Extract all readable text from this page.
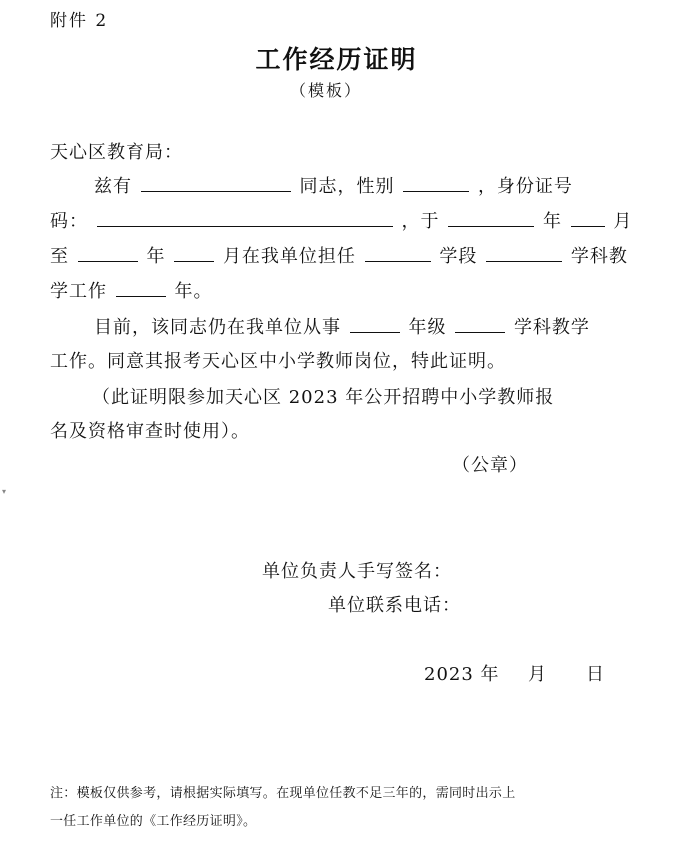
附件 2
工作经历证明
（模板）
天心区教育局：
兹有	同志，性别	，身份证号
码：	，于	年	月
至	年	月在我单位担任	学段	学科教
学工作	年。
目前，该同志仍在我单位从事	年级	学科教学
工作。同意其报考天心区中小学教师岗位，特此证明。
（此证明限参加天心区 2023 年公开招聘中小学教师报
名及资格审查时使用）。
（公章）
▾
单位负责人手写签名：
单位联系电话：
2023 年 月 日
注：模板仅供参考，请根据实际填写。在现单位任教不足三年的，需同时出示上
一任工作单位的《工作经历证明》。
